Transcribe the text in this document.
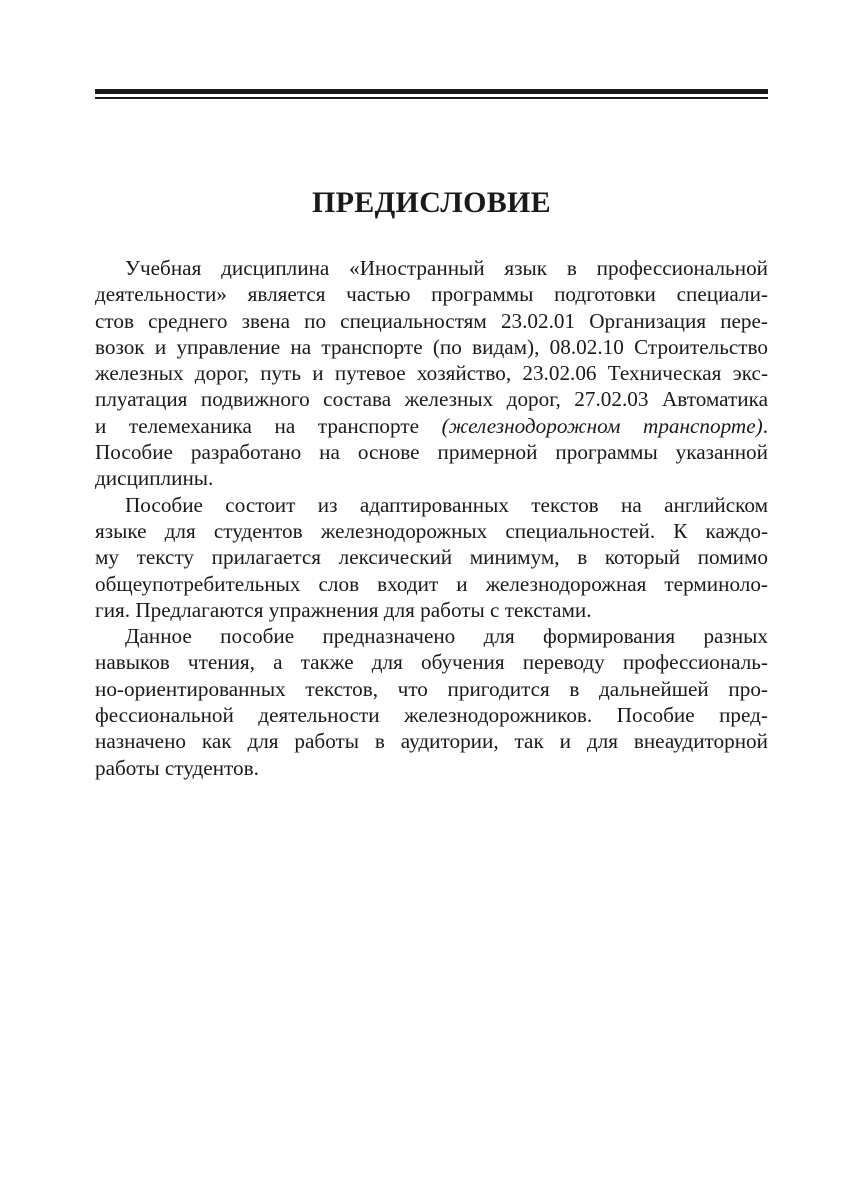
ПРЕДИСЛОВИЕ
Учебная дисциплина «Иностранный язык в профессиональной
деятельности» является частью программы подготовки специали-
стов среднего звена по специальностям 23.02.01 Организация пере-
возок и управление на транспорте (по видам), 08.02.10 Строительство
железных дорог, путь и путевое хозяйство, 23.02.06 Техническая экс-
плуатация подвижного состава железных дорог, 27.02.03 Автоматика
и телемеханика на транспорте (железнодорожном транспорте).
Пособие разработано на основе примерной программы указанной
дисциплины.
Пособие состоит из адаптированных текстов на английском
языке для студентов железнодорожных специальностей. К каждо-
му тексту прилагается лексический минимум, в который помимо
общеупотребительных слов входит и железнодорожная терминоло-
гия. Предлагаются упражнения для работы с текстами.
Данное пособие предназначено для формирования разных
навыков чтения, а также для обучения переводу профессиональ-
но-ориентированных текстов, что пригодится в дальнейшей про-
фессиональной деятельности железнодорожников. Пособие пред-
назначено как для работы в аудитории, так и для внеаудиторной
работы студентов.
